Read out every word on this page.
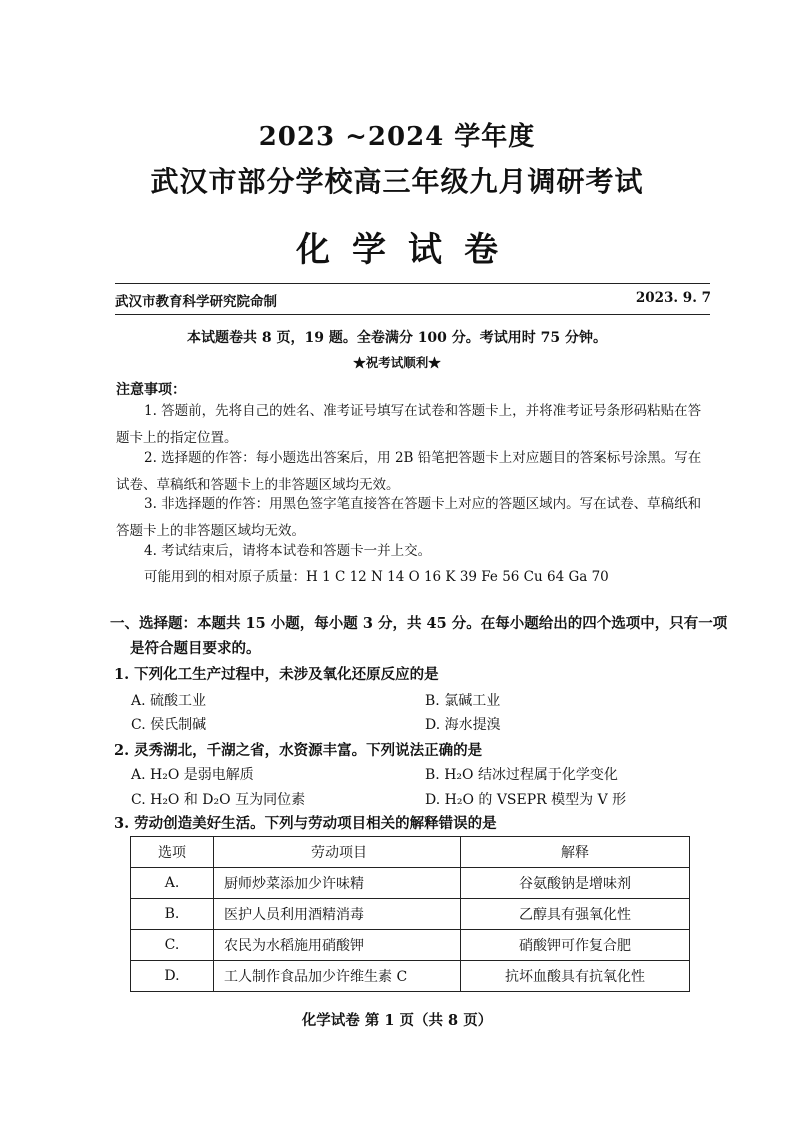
2023 ~2024 学年度
武汉市部分学校高三年级九月调研考试
化学试卷
武汉市教育科学研究院命制	2023. 9. 7
本试题卷共 8 页，19 题。全卷满分 100 分。考试用时 75 分钟。
★祝考试顺利★
注意事项：
1. 答题前，先将自己的姓名、准考证号填写在试卷和答题卡上，并将准考证号条形码粘贴在答题卡上的指定位置。
2. 选择题的作答：每小题选出答案后，用 2B 铅笔把答题卡上对应题目的答案标号涂黑。写在试卷、草稿纸和答题卡上的非答题区域均无效。
3. 非选择题的作答：用黑色签字笔直接答在答题卡上对应的答题区域内。写在试卷、草稿纸和答题卡上的非答题区域均无效。
4. 考试结束后，请将本试卷和答题卡一并上交。
可能用到的相对原子质量：H 1 C 12 N 14 O 16 K 39 Fe 56 Cu 64 Ga 70
一、选择题：本题共 15 小题，每小题 3 分，共 45 分。在每小题给出的四个选项中，只有一项是符合题目要求的。
1. 下列化工生产过程中，未涉及氧化还原反应的是
A. 硫酸工业	B. 氯碱工业
C. 侯氏制碱	D. 海水提溴
2. 灵秀湖北，千湖之省，水资源丰富。下列说法正确的是
A. H₂O 是弱电解质	B. H₂O 结冰过程属于化学变化
C. H₂O 和 D₂O 互为同位素	D. H₂O 的 VSEPR 模型为 V 形
3. 劳动创造美好生活。下列与劳动项目相关的解释错误的是
选项	劳动项目	解释
A.	厨师炒菜添加少许味精	谷氨酸钠是增味剂
B.	医护人员利用酒精消毒	乙醇具有强氧化性
C.	农民为水稻施用硝酸钾	硝酸钾可作复合肥
D.	工人制作食品加少许维生素 C	抗坏血酸具有抗氧化性
化学试卷 第 1 页（共 8 页）
